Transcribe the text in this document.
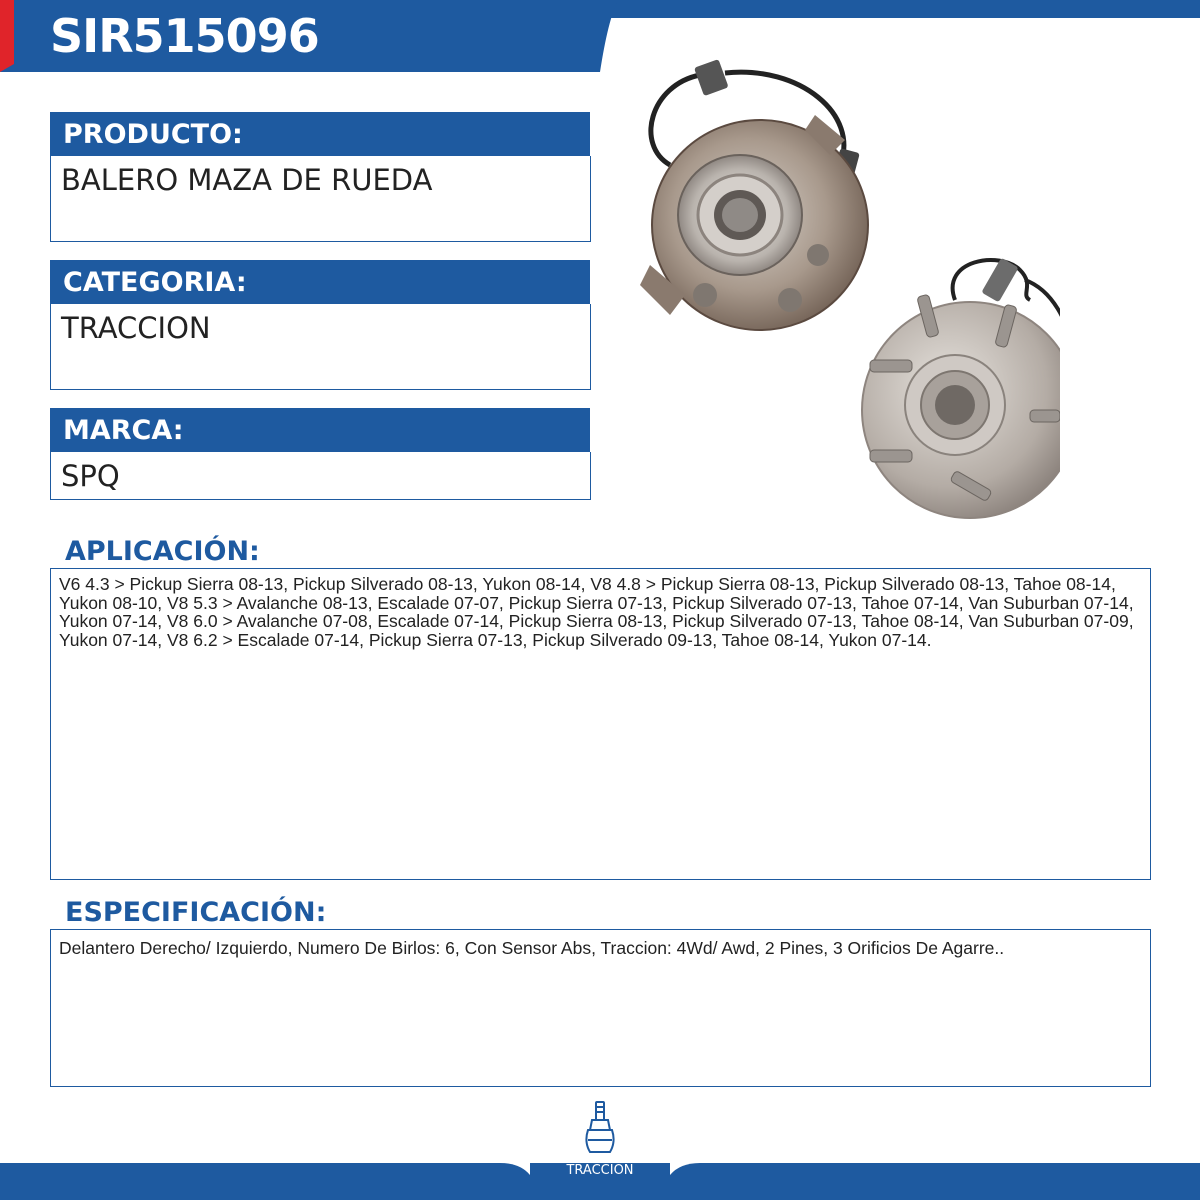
SIR515096
PRODUCTO:
BALERO MAZA DE RUEDA
CATEGORIA:
TRACCION
MARCA:
SPQ
APLICACIÓN:
V6 4.3 > Pickup Sierra 08-13, Pickup Silverado 08-13, Yukon 08-14, V8 4.8 > Pickup Sierra 08-13, Pickup Silverado 08-13, Tahoe 08-14, Yukon 08-10, V8 5.3 > Avalanche 08-13, Escalade 07-07, Pickup Sierra 07-13, Pickup Silverado 07-13, Tahoe 07-14, Van Suburban 07-14, Yukon 07-14, V8 6.0 > Avalanche 07-08, Escalade 07-14, Pickup Sierra 08-13, Pickup Silverado 07-13, Tahoe 08-14, Van Suburban 07-09, Yukon 07-14, V8 6.2 > Escalade 07-14, Pickup Sierra 07-13, Pickup Silverado 09-13, Tahoe 08-14, Yukon 07-14.
ESPECIFICACIÓN:
Delantero Derecho/ Izquierdo, Numero De Birlos: 6, Con Sensor Abs, Traccion: 4Wd/ Awd, 2 Pines, 3 Orificios De Agarre..
TRACCIÓN
